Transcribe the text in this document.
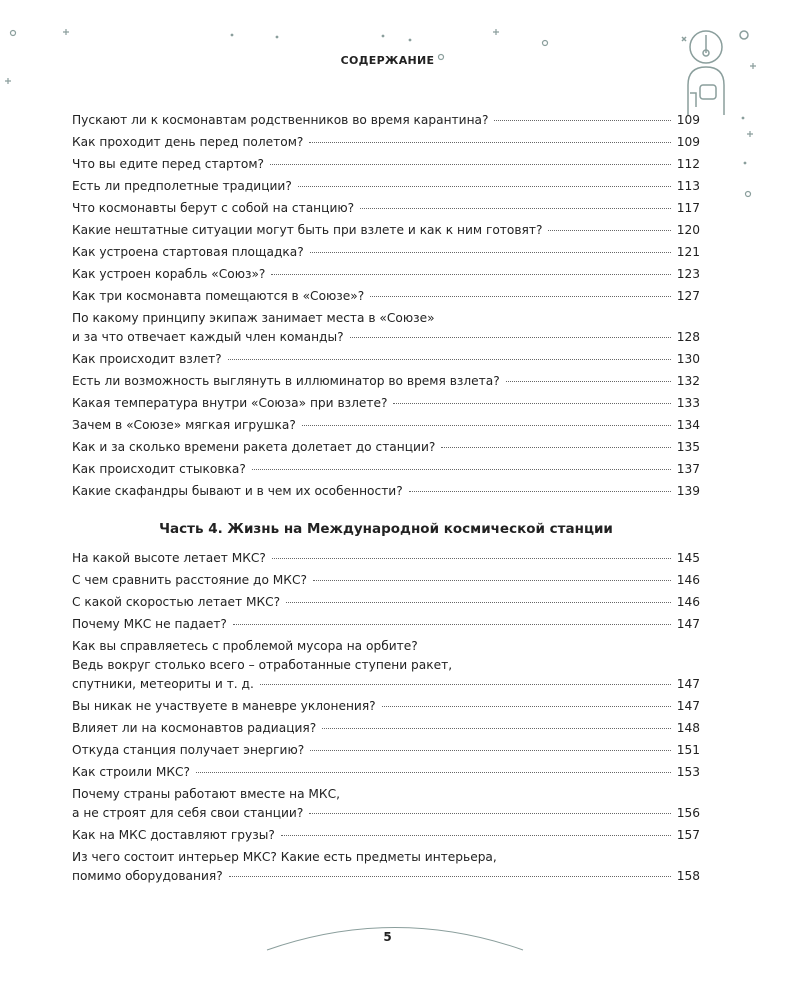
СОДЕРЖАНИЕ
Пускают ли к космонавтам родственников во время карантина?	109
Как проходит день перед полетом?	109
Что вы едите перед стартом?	112
Есть ли предполетные традиции?	113
Что космонавты берут с собой на станцию?	117
Какие нештатные ситуации могут быть при взлете и как к ним готовят?	120
Как устроена стартовая площадка?	121
Как устроен корабль «Союз»?	123
Как три космонавта помещаются в «Союзе»?	127
По какому принципу экипаж занимает места в «Союзе»
и за что отвечает каждый член команды?	128
Как происходит взлет?	130
Есть ли возможность выглянуть в иллюминатор во время взлета?	132
Какая температура внутри «Союза» при взлете?	133
Зачем в «Союзе» мягкая игрушка?	134
Как и за сколько времени ракета долетает до станции?	135
Как происходит стыковка?	137
Какие скафандры бывают и в чем их особенности?	139
Часть 4. Жизнь на Международной космической станции
На какой высоте летает МКС?	145
С чем сравнить расстояние до МКС?	146
С какой скоростью летает МКС?	146
Почему МКС не падает?	147
Как вы справляетесь с проблемой мусора на орбите?
Ведь вокруг столько всего – отработанные ступени ракет,
спутники, метеориты и т. д.	147
Вы никак не участвуете в маневре уклонения?	147
Влияет ли на космонавтов радиация?	148
Откуда станция получает энергию?	151
Как строили МКС?	153
Почему страны работают вместе на МКС,
а не строят для себя свои станции?	156
Как на МКС доставляют грузы?	157
Из чего состоит интерьер МКС? Какие есть предметы интерьера,
помимо оборудования?	158
5
